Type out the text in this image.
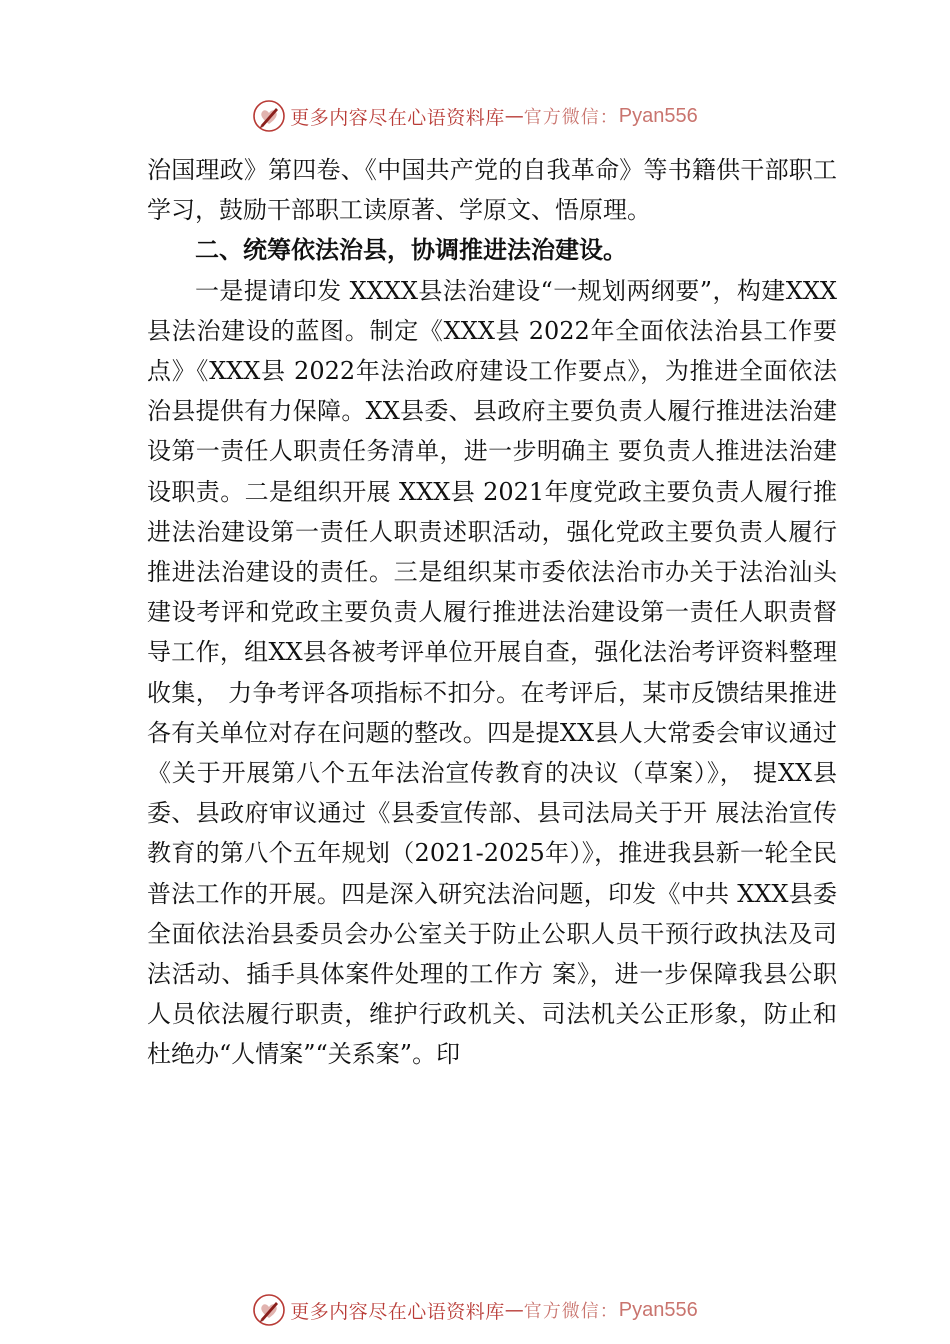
更多内容尽在心语资料库 — 官方微信： Pyan556

治国理政》第四卷、《中国共产党的自我革命》等书籍供干部职工学习，鼓励干部职工读原著、学原文、悟原理。

二、统筹依法治县，协调推进法治建设。

一是提请印发 XXXX县法治建设“一规划两纲要”，构建XXX县法治建设的蓝图。制定《XXX县 2022年全面依法治县工作要点》《XXX县 2022年法治政府建设工作要点》，为推进全面依法治县提供有力保障。XX县委、县政府主要负责人履行推进法治建设第一责任人职责任务清单，进一步明确主 要负责人推进法治建设职责。二是组织开展 XXX县 2021年度党政主要负责人履行推进法治建设第一责任人职责述职活动，强化党政主要负责人履行推进法治建设的责任。三是组织某市委依法治市办关于法治汕头建设考评和党政主要负责人履行推进法治建设第一责任人职责督导工作，组XX县各被考评单位开展自查，强化法治考评资料整理收集， 力争考评各项指标不扣分。在考评后，某市反馈结果推进 各有关单位对存在问题的整改。四是提XX县人大常委会审议通过《关于开展第八个五年法治宣传教育的决议（草案）》， 提XX县委、县政府审议通过《县委宣传部、县司法局关于开 展法治宣传教育的第八个五年规划（2021-2025年）》，推进我县新一轮全民普法工作的开展。四是深入研究法治问题，印发《中共 XXX县委全面依法治县委员会办公室关于防止公职人员干预行政执法及司法活动、插手具体案件处理的工作方 案》，进一步保障我县公职人员依法履行职责，维护行政机关、司法机关公正形象，防止和杜绝办“人情案”“关系案”。印

更多内容尽在心语资料库 — 官方微信： Pyan556
